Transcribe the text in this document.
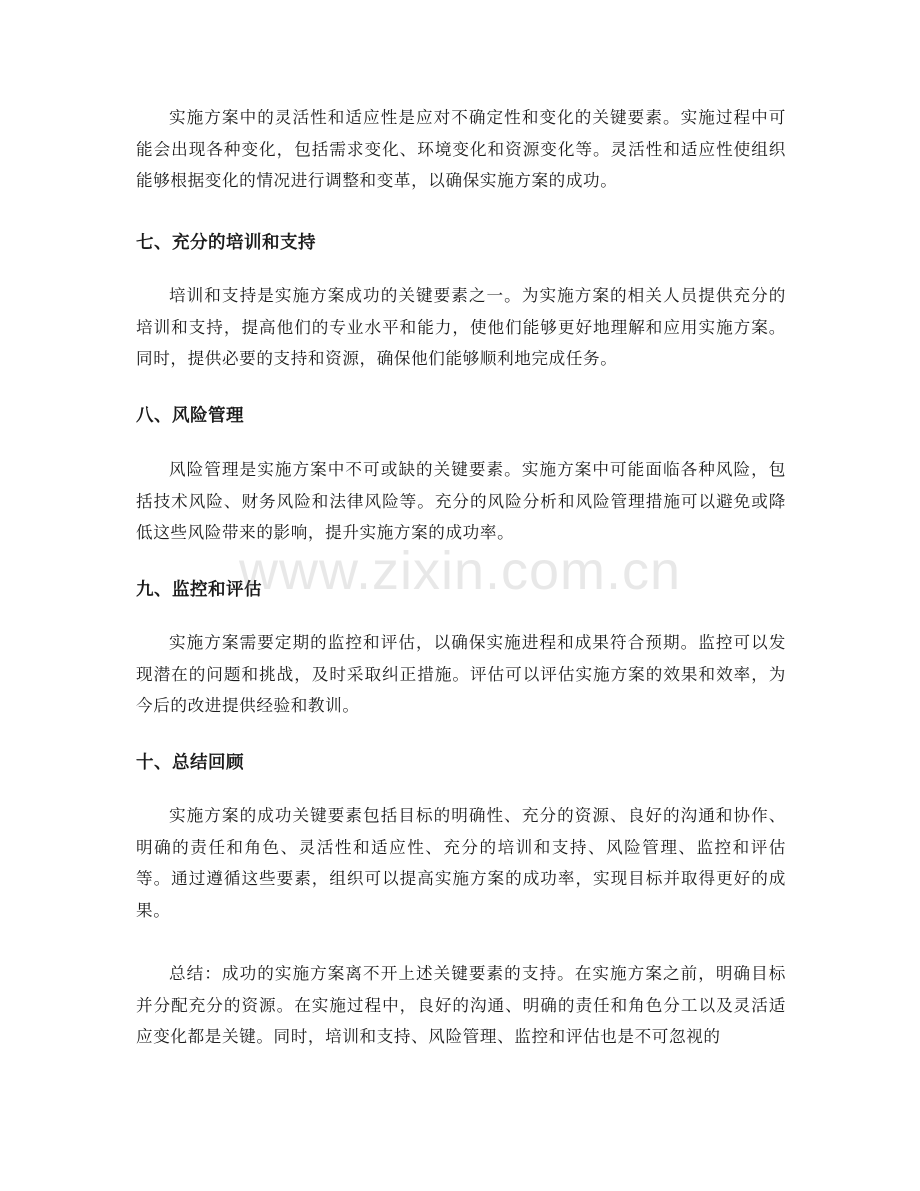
实施方案中的灵活性和适应性是应对不确定性和变化的关键要素。实施过程中可能会出现各种变化，包括需求变化、环境变化和资源变化等。灵活性和适应性使组织能够根据变化的情况进行调整和变革，以确保实施方案的成功。

七、充分的培训和支持

培训和支持是实施方案成功的关键要素之一。为实施方案的相关人员提供充分的培训和支持，提高他们的专业水平和能力，使他们能够更好地理解和应用实施方案。同时，提供必要的支持和资源，确保他们能够顺利地完成任务。

八、风险管理

风险管理是实施方案中不可或缺的关键要素。实施方案中可能面临各种风险，包括技术风险、财务风险和法律风险等。充分的风险分析和风险管理措施可以避免或降低这些风险带来的影响，提升实施方案的成功率。

九、监控和评估

实施方案需要定期的监控和评估，以确保实施进程和成果符合预期。监控可以发现潜在的问题和挑战，及时采取纠正措施。评估可以评估实施方案的效果和效率，为今后的改进提供经验和教训。

十、总结回顾

实施方案的成功关键要素包括目标的明确性、充分的资源、良好的沟通和协作、明确的责任和角色、灵活性和适应性、充分的培训和支持、风险管理、监控和评估等。通过遵循这些要素，组织可以提高实施方案的成功率，实现目标并取得更好的成果。

总结：成功的实施方案离不开上述关键要素的支持。在实施方案之前，明确目标并分配充分的资源。在实施过程中，良好的沟通、明确的责任和角色分工以及灵活适应变化都是关键。同时，培训和支持、风险管理、监控和评估也是不可忽视的

www.zixin.com.cn
